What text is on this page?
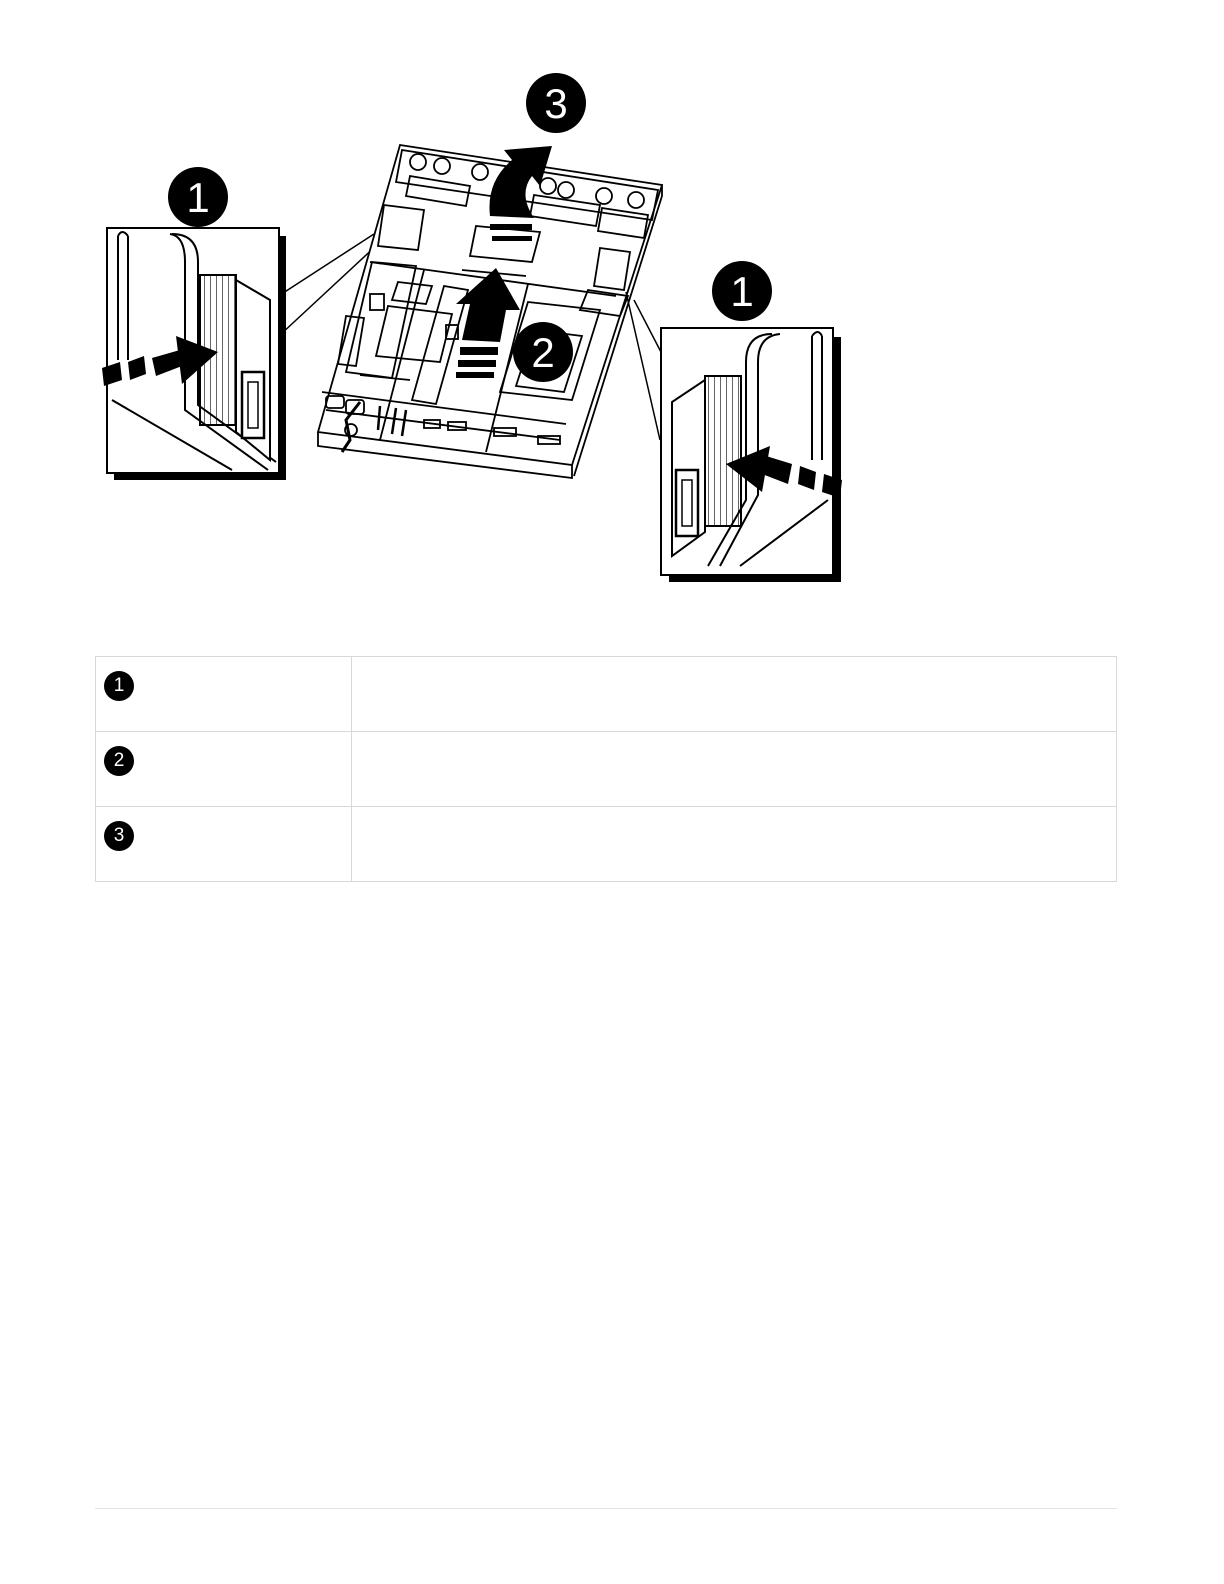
1
1
2
3
1	
2	
3	
